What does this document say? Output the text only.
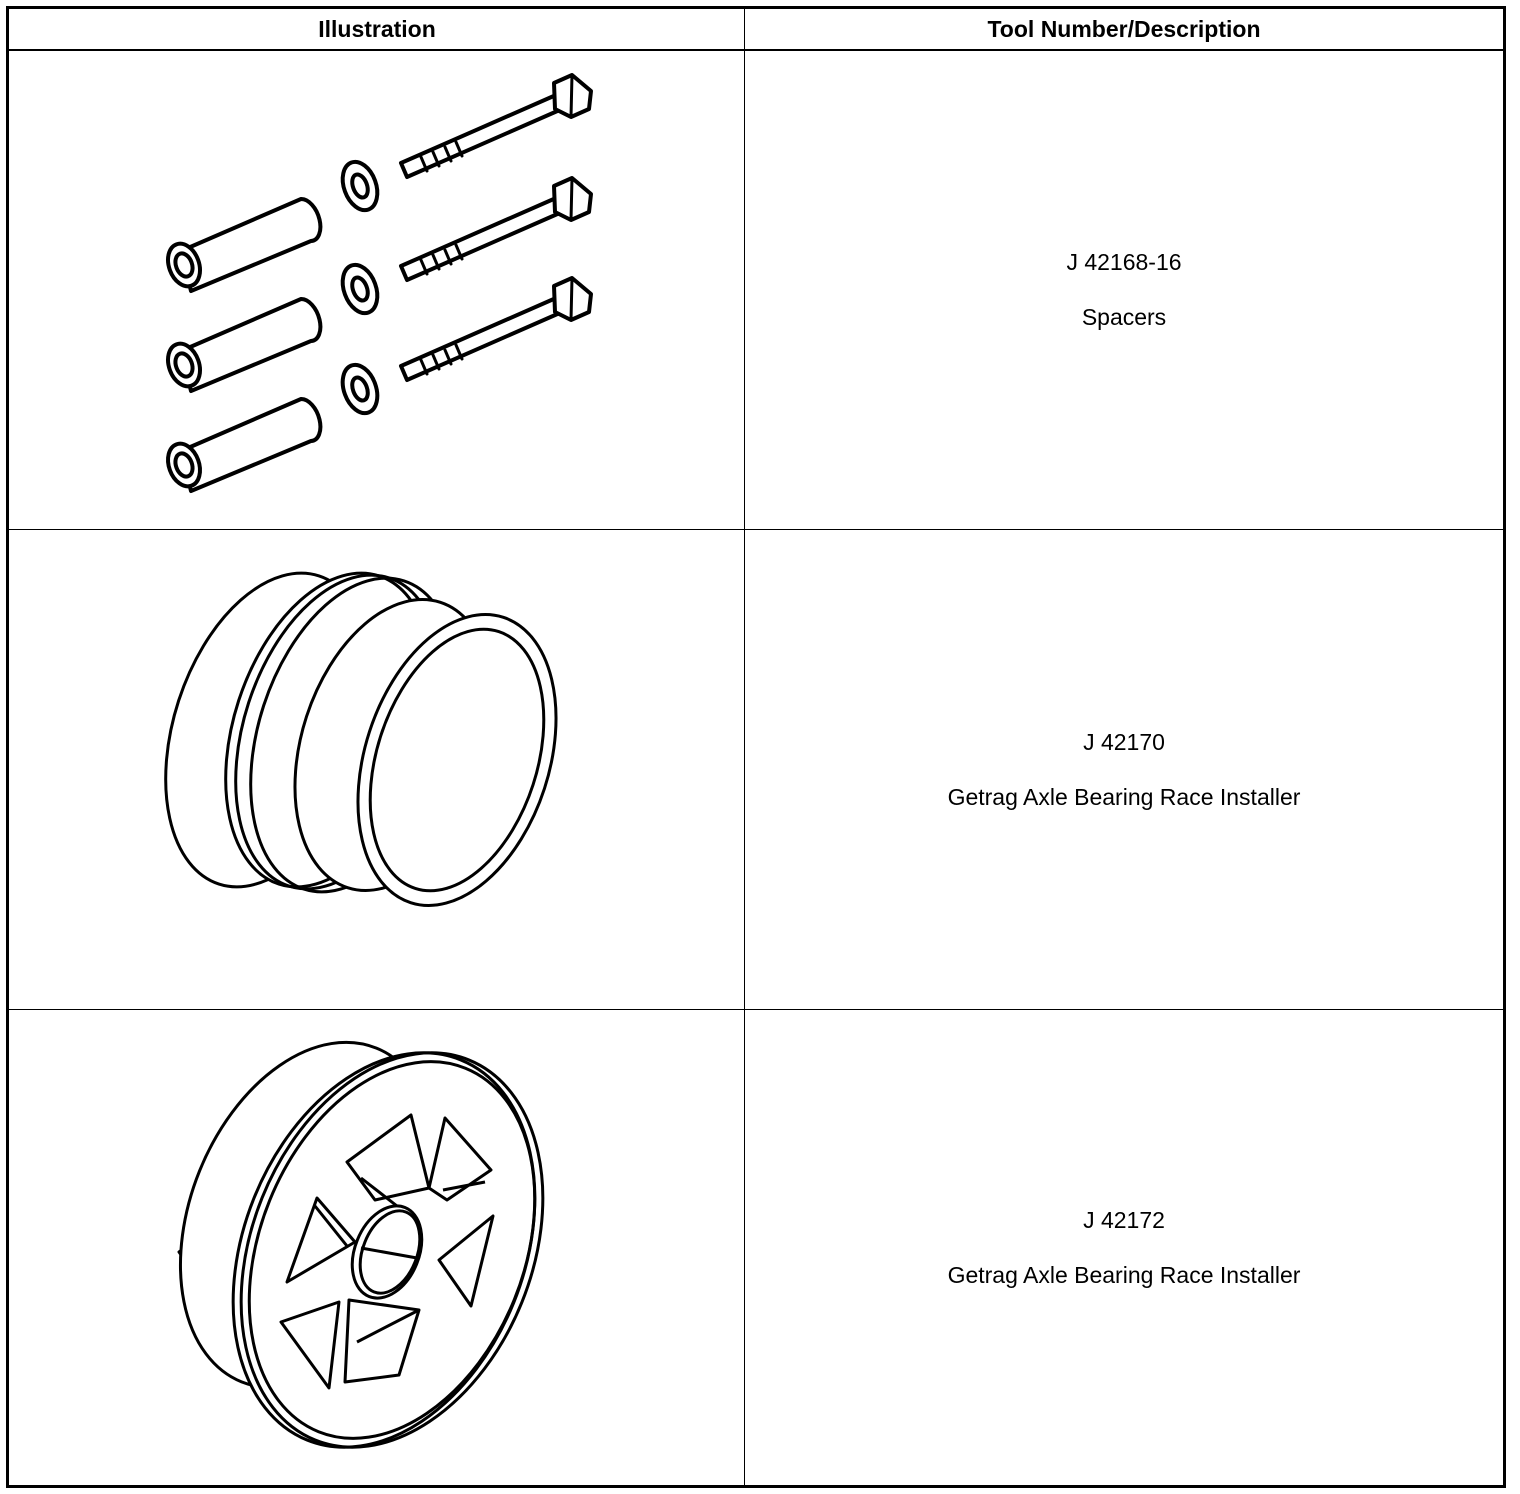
Illustration	Tool Number/Description
J 42168-16
Spacers
J 42170
Getrag Axle Bearing Race Installer
J 42172
Getrag Axle Bearing Race Installer
